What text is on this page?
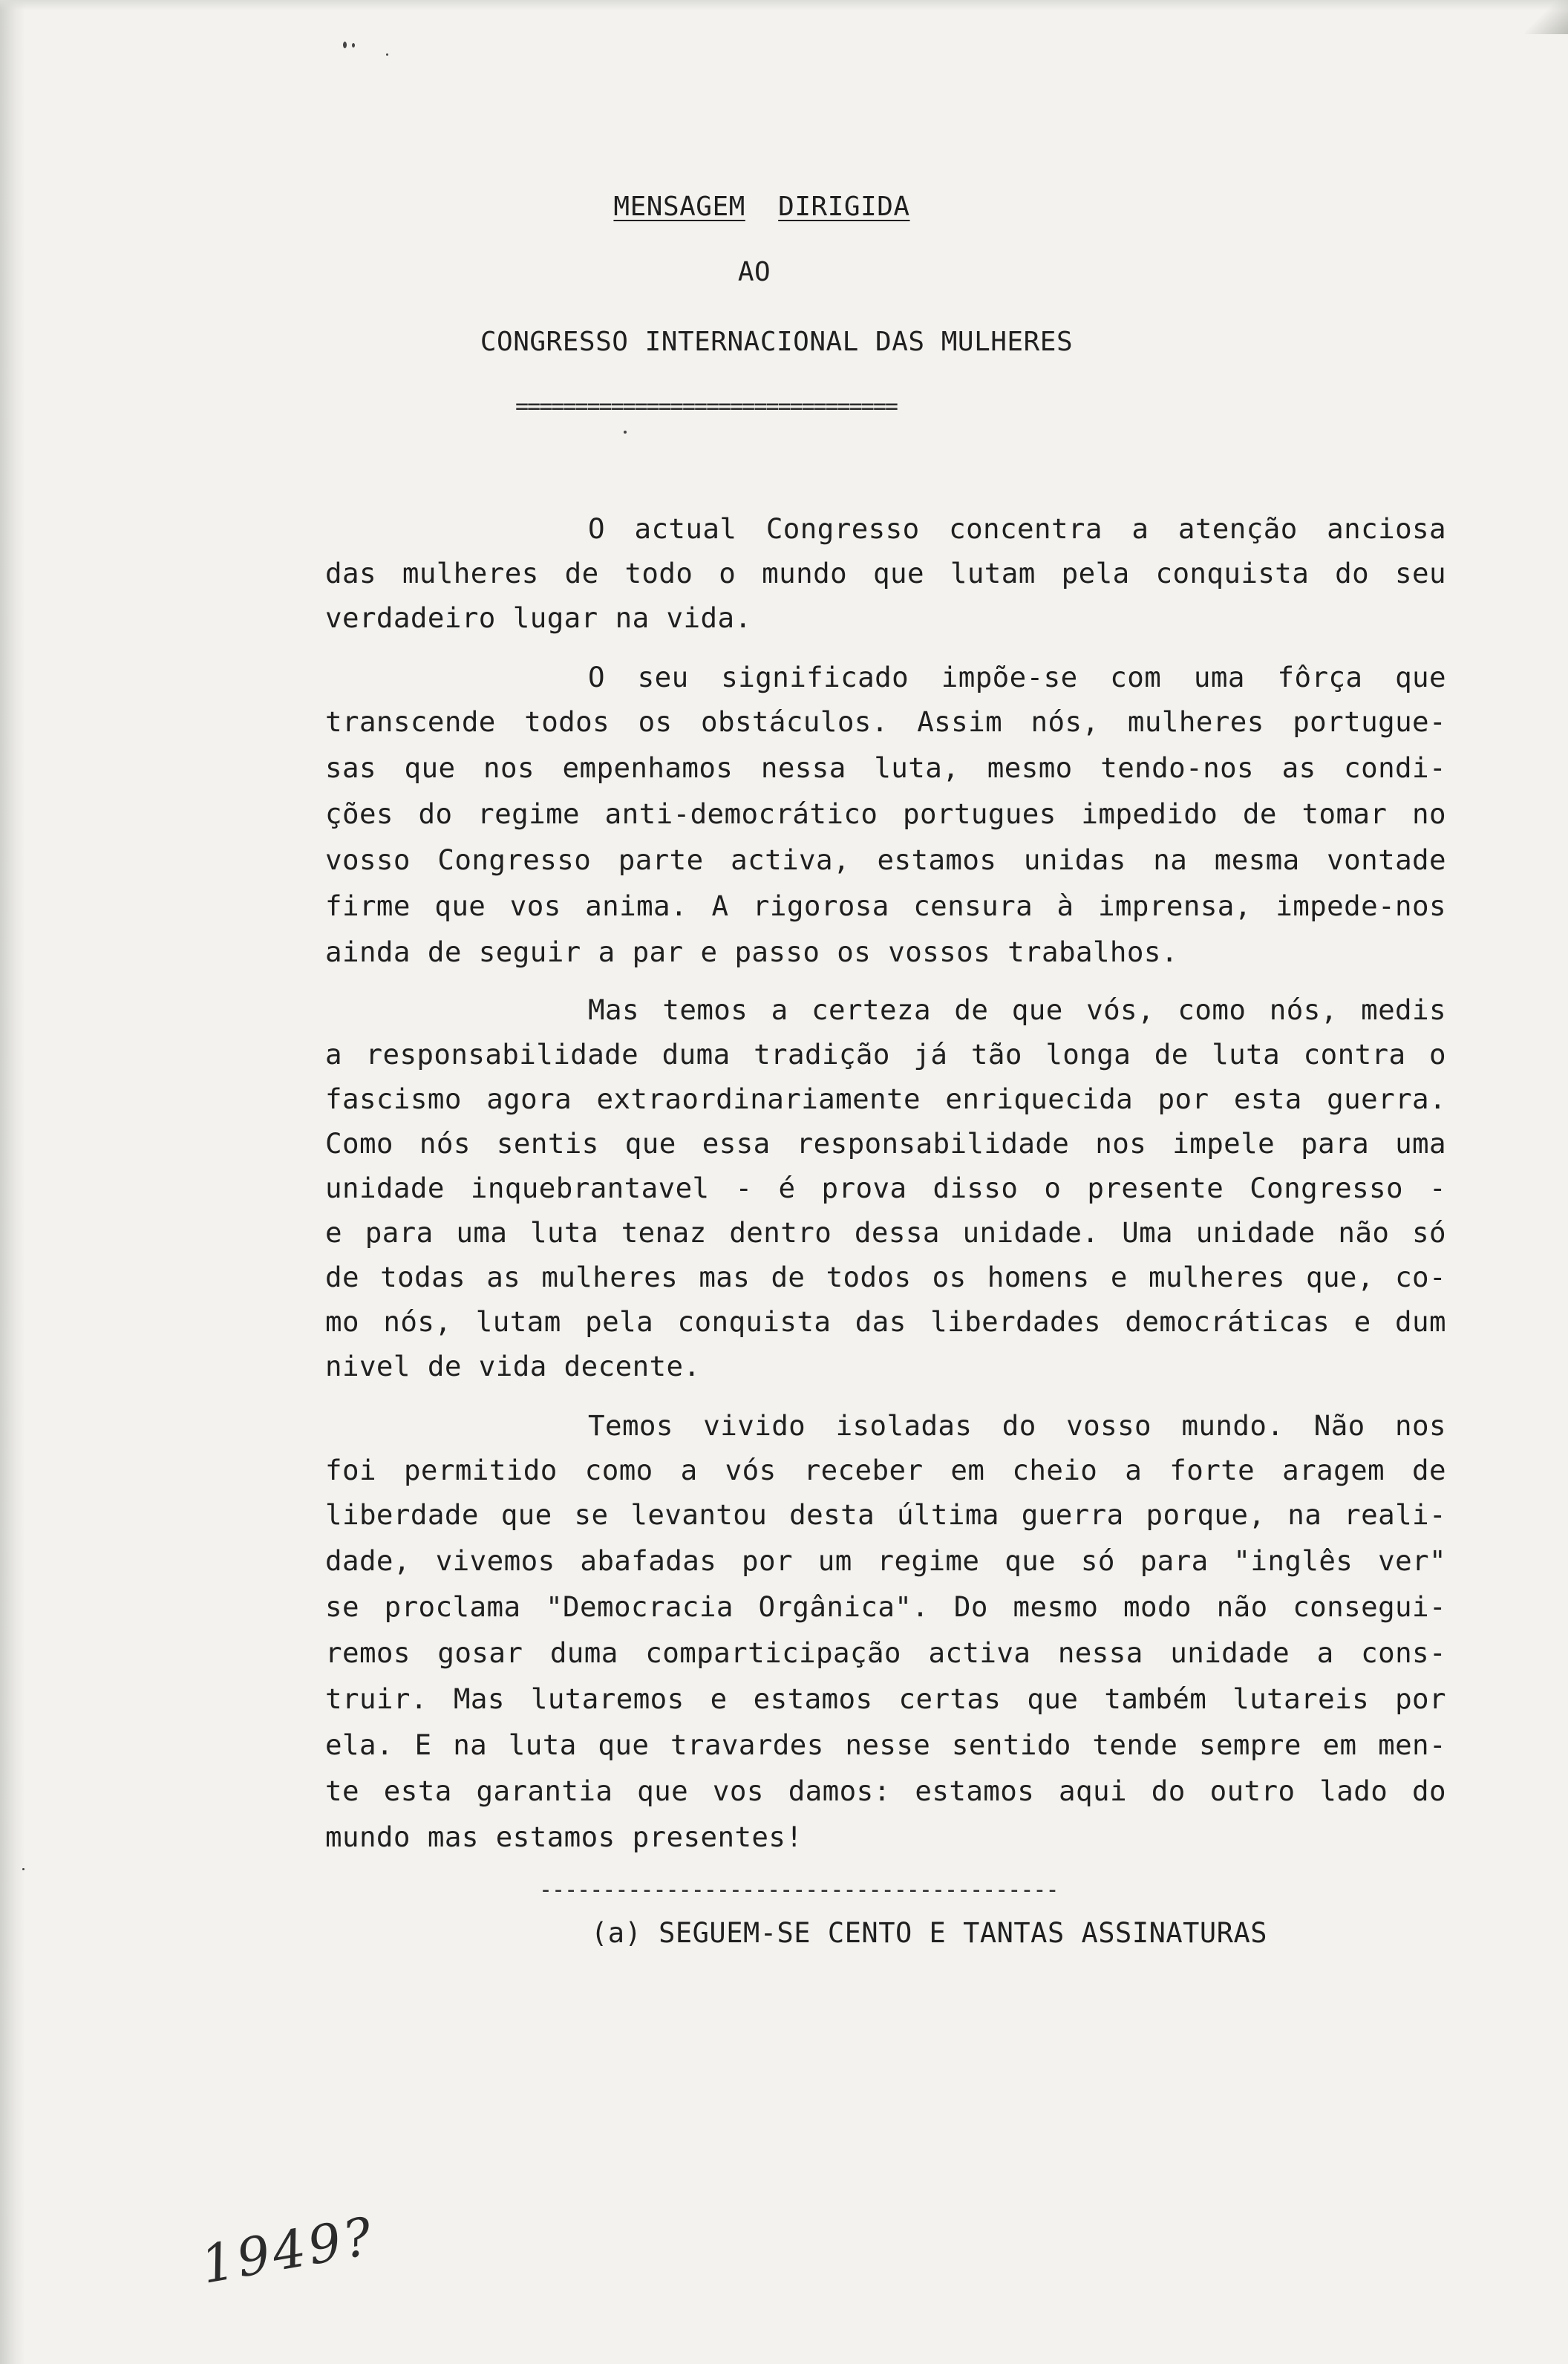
MENSAGEM DIRIGIDA
AO
CONGRESSO INTERNACIONAL DAS MULHERES
================================
O actual Congresso concentra a atenção anciosa
das mulheres de todo o mundo que lutam pela conquista do seu
verdadeiro lugar na vida.
O seu significado impõe-se com uma fôrça que
transcende todos os obstáculos. Assim nós, mulheres portugue-
sas que nos empenhamos nessa luta, mesmo tendo-nos as condi-
ções do regime anti-democrático portugues impedido de tomar no
vosso Congresso parte activa, estamos unidas na mesma vontade
firme que vos anima. A rigorosa censura à imprensa, impede-nos
ainda de seguir a par e passo os vossos trabalhos.
Mas temos a certeza de que vós, como nós, medis
a responsabilidade duma tradição já tão longa de luta contra o
fascismo agora extraordinariamente enriquecida por esta guerra.
Como nós sentis que essa responsabilidade nos impele para uma
unidade inquebrantavel - é prova disso o presente Congresso -
e para uma luta tenaz dentro dessa unidade. Uma unidade não só
de todas as mulheres mas de todos os homens e mulheres que, co-
mo nós, lutam pela conquista das liberdades democráticas e dum
nivel de vida decente.
Temos vivido isoladas do vosso mundo. Não nos
foi permitido como a vós receber em cheio a forte aragem de
liberdade que se levantou desta última guerra porque, na reali-
dade, vivemos abafadas por um regime que só para "inglês ver"
se proclama "Democracia Orgânica". Do mesmo modo não consegui-
remos gosar duma comparticipação activa nessa unidade a cons-
truir. Mas lutaremos e estamos certas que também lutareis por
ela. E na luta que travardes nesse sentido tende sempre em men-
te esta garantia que vos damos: estamos aqui do outro lado do
mundo mas estamos presentes!
-----------------------------------------
(a) SEGUEM-SE CENTO E TANTAS ASSINATURAS
1949?
